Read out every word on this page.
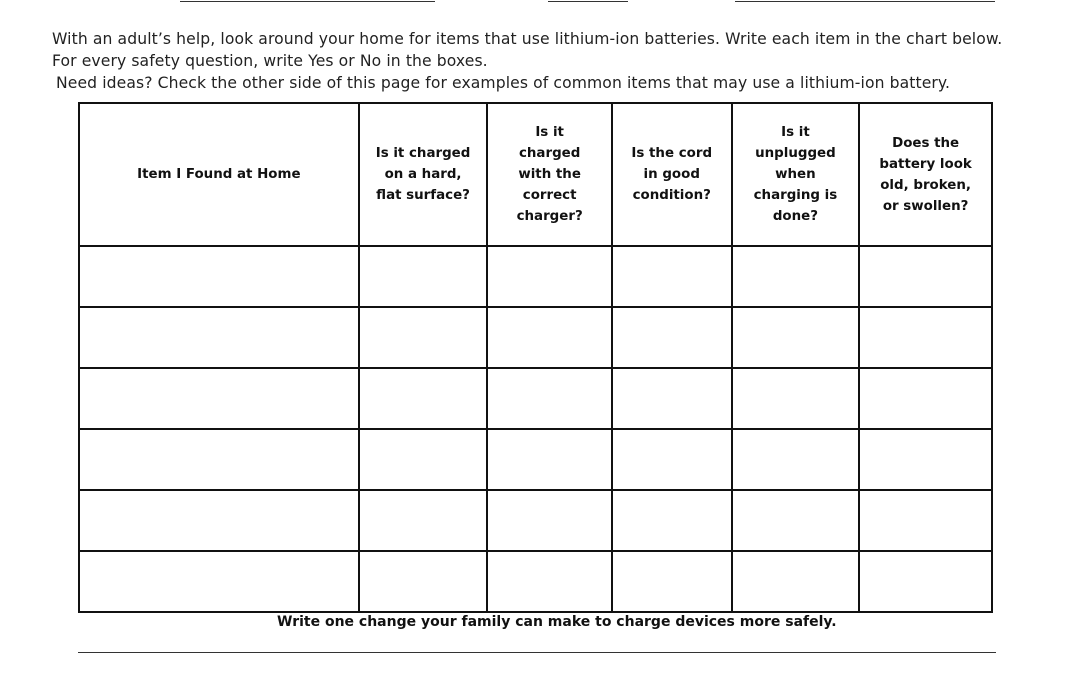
With an adult’s help, look around your home for items that use lithium-ion batteries. Write each item in the chart below.
For every safety question, write Yes or No in the boxes.
Need ideas? Check the other side of this page for examples of common items that may use a lithium-ion battery.
Item I Found at Home	Is it charged on a hard, flat surface?	Is it charged with the correct charger?	Is the cord in good condition?	Is it unplugged when charging is done?	Does the battery look old, broken, or swollen?

Write one change your family can make to charge devices more safely.
